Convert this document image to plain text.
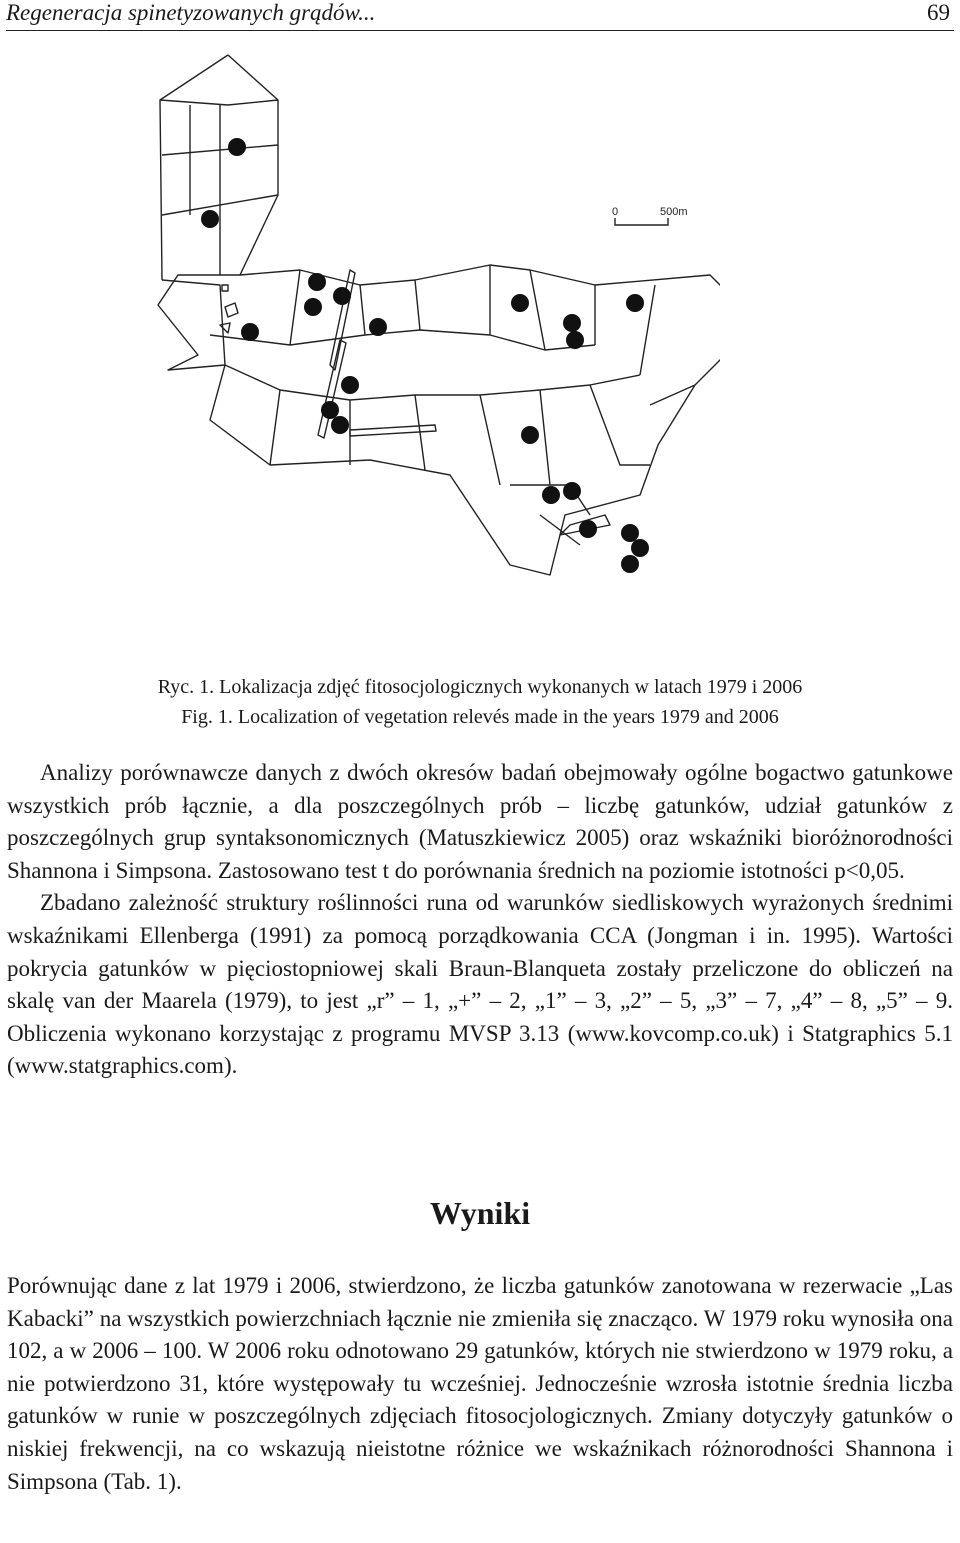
Regeneracja spinetyzowanych grądów...	69
0	500m
Ryc. 1. Lokalizacja zdjęć fitosocjologicznych wykonanych w latach 1979 i 2006
Fig. 1. Localization of vegetation relevés made in the years 1979 and 2006

Analizy porównawcze danych z dwóch okresów badań obejmowały ogólne bogactwo gatunkowe wszystkich prób łącznie, a dla poszczególnych prób – liczbę gatunków, udział gatunków z poszczególnych grup syntaksonomicznych (Matuszkiewicz 2005) oraz wskaźniki bioróżnorodności Shannona i Simpsona. Zastosowano test t do porównania średnich na poziomie istotności p<0,05.

Zbadano zależność struktury roślinności runa od warunków siedliskowych wyrażonych średnimi wskaźnikami Ellenberga (1991) za pomocą porządkowania CCA (Jongman i in. 1995). Wartości pokrycia gatunków w pięciostopniowej skali Braun-Blanqueta zostały przeliczone do obliczeń na skalę van der Maarela (1979), to jest „r” – 1, „+” – 2, „1” – 3, „2” – 5, „3” – 7, „4” – 8, „5” – 9. Obliczenia wykonano korzystając z programu MVSP 3.13 (www.kovcomp.co.uk) i Statgraphics 5.1 (www.statgraphics.com).

Wyniki

Porównując dane z lat 1979 i 2006, stwierdzono, że liczba gatunków zanotowana w rezerwacie „Las Kabacki” na wszystkich powierzchniach łącznie nie zmieniła się znacząco. W 1979 roku wynosiła ona 102, a w 2006 – 100. W 2006 roku odnotowano 29 gatunków, których nie stwierdzono w 1979 roku, a nie potwierdzono 31, które występowały tu wcześniej. Jednocześnie wzrosła istotnie średnia liczba gatunków w runie w poszczególnych zdjęciach fitosocjologicznych. Zmiany dotyczyły gatunków o niskiej frekwencji, na co wskazują nieistotne różnice we wskaźnikach różnorodności Shannona i Simpsona (Tab. 1).
